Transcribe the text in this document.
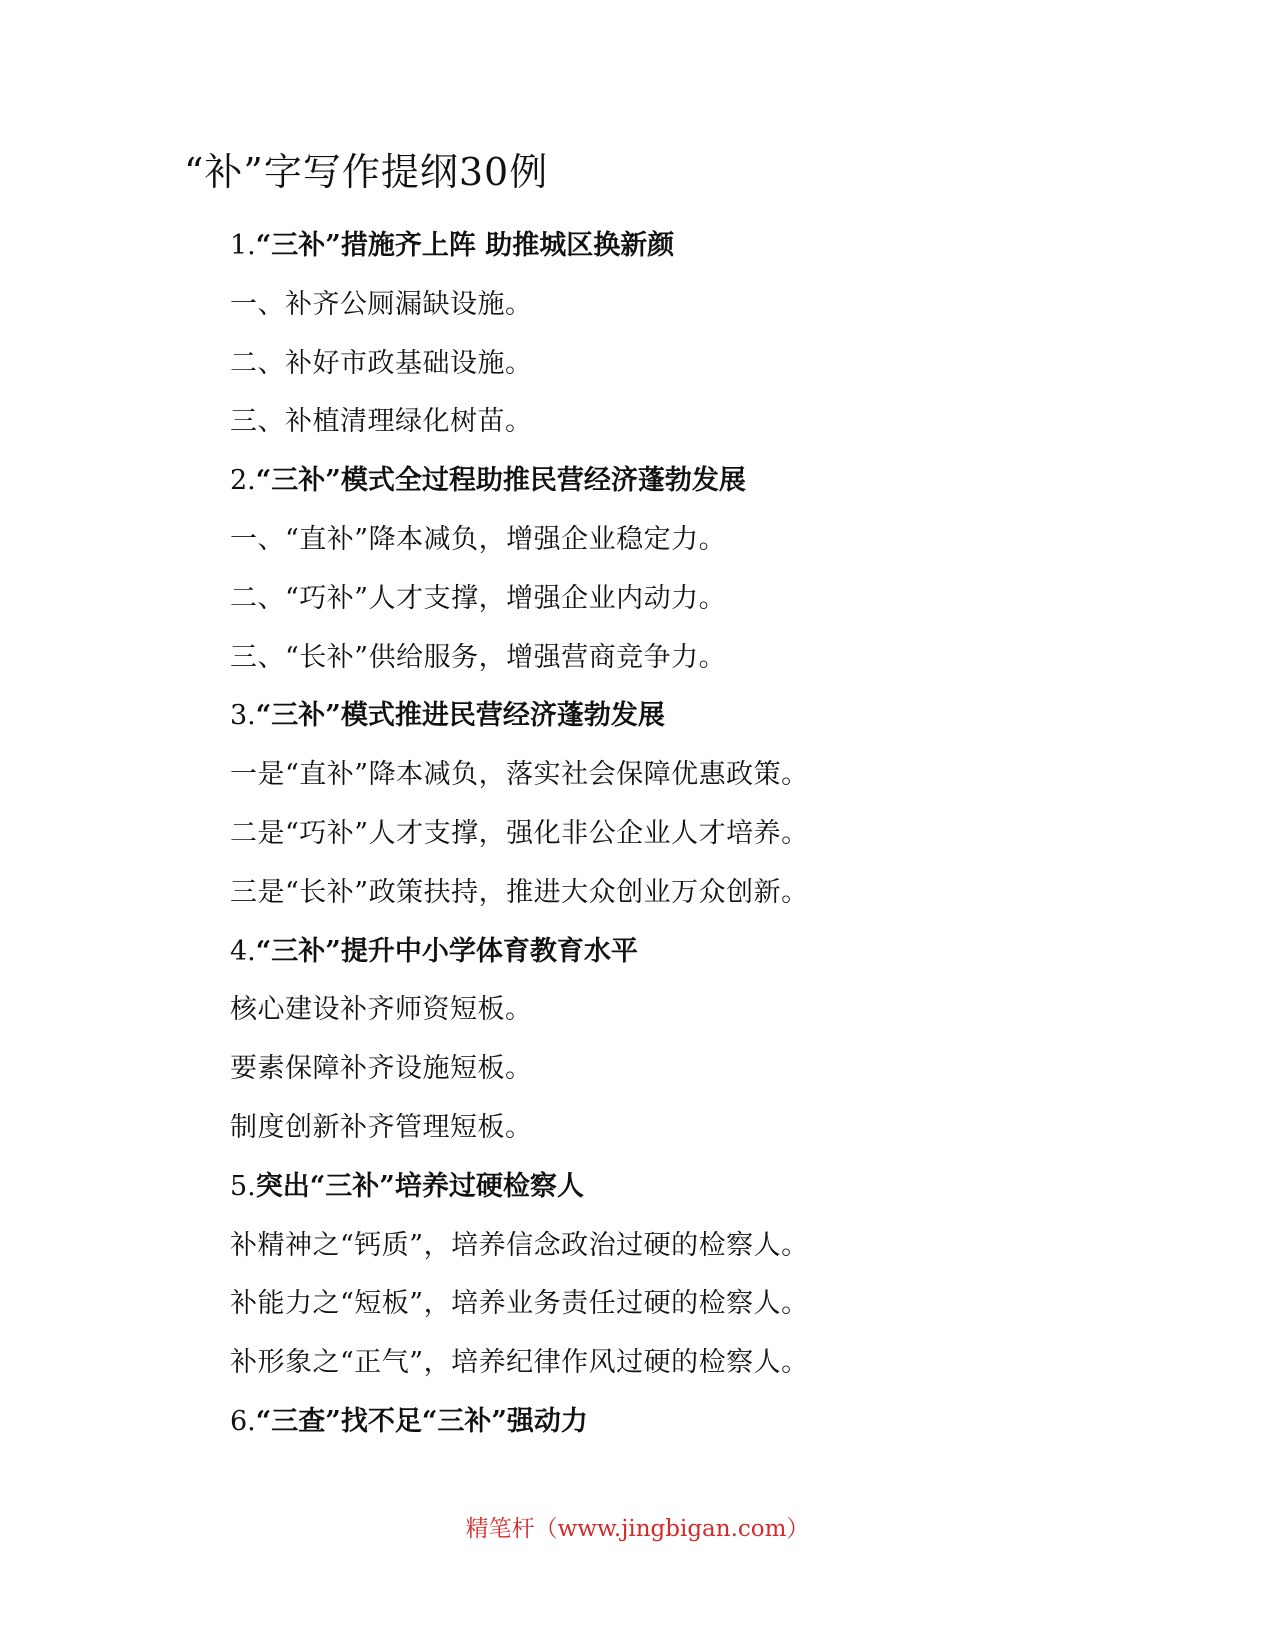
“补”字写作提纲30例
1.“三补”措施齐上阵 助推城区换新颜
一、补齐公厕漏缺设施。
二、补好市政基础设施。
三、补植清理绿化树苗。
2.“三补”模式全过程助推民营经济蓬勃发展
一、“直补”降本减负，增强企业稳定力。
二、“巧补”人才支撑，增强企业内动力。
三、“长补”供给服务，增强营商竞争力。
3.“三补”模式推进民营经济蓬勃发展
一是“直补”降本减负，落实社会保障优惠政策。
二是“巧补”人才支撑，强化非公企业人才培养。
三是“长补”政策扶持，推进大众创业万众创新。
4.“三补”提升中小学体育教育水平
核心建设补齐师资短板。
要素保障补齐设施短板。
制度创新补齐管理短板。
5.突出“三补”培养过硬检察人
补精神之“钙质”，培养信念政治过硬的检察人。
补能力之“短板”，培养业务责任过硬的检察人。
补形象之“正气”，培养纪律作风过硬的检察人。
6.“三查”找不足“三补”强动力
精笔杆（www.jingbigan.com）
